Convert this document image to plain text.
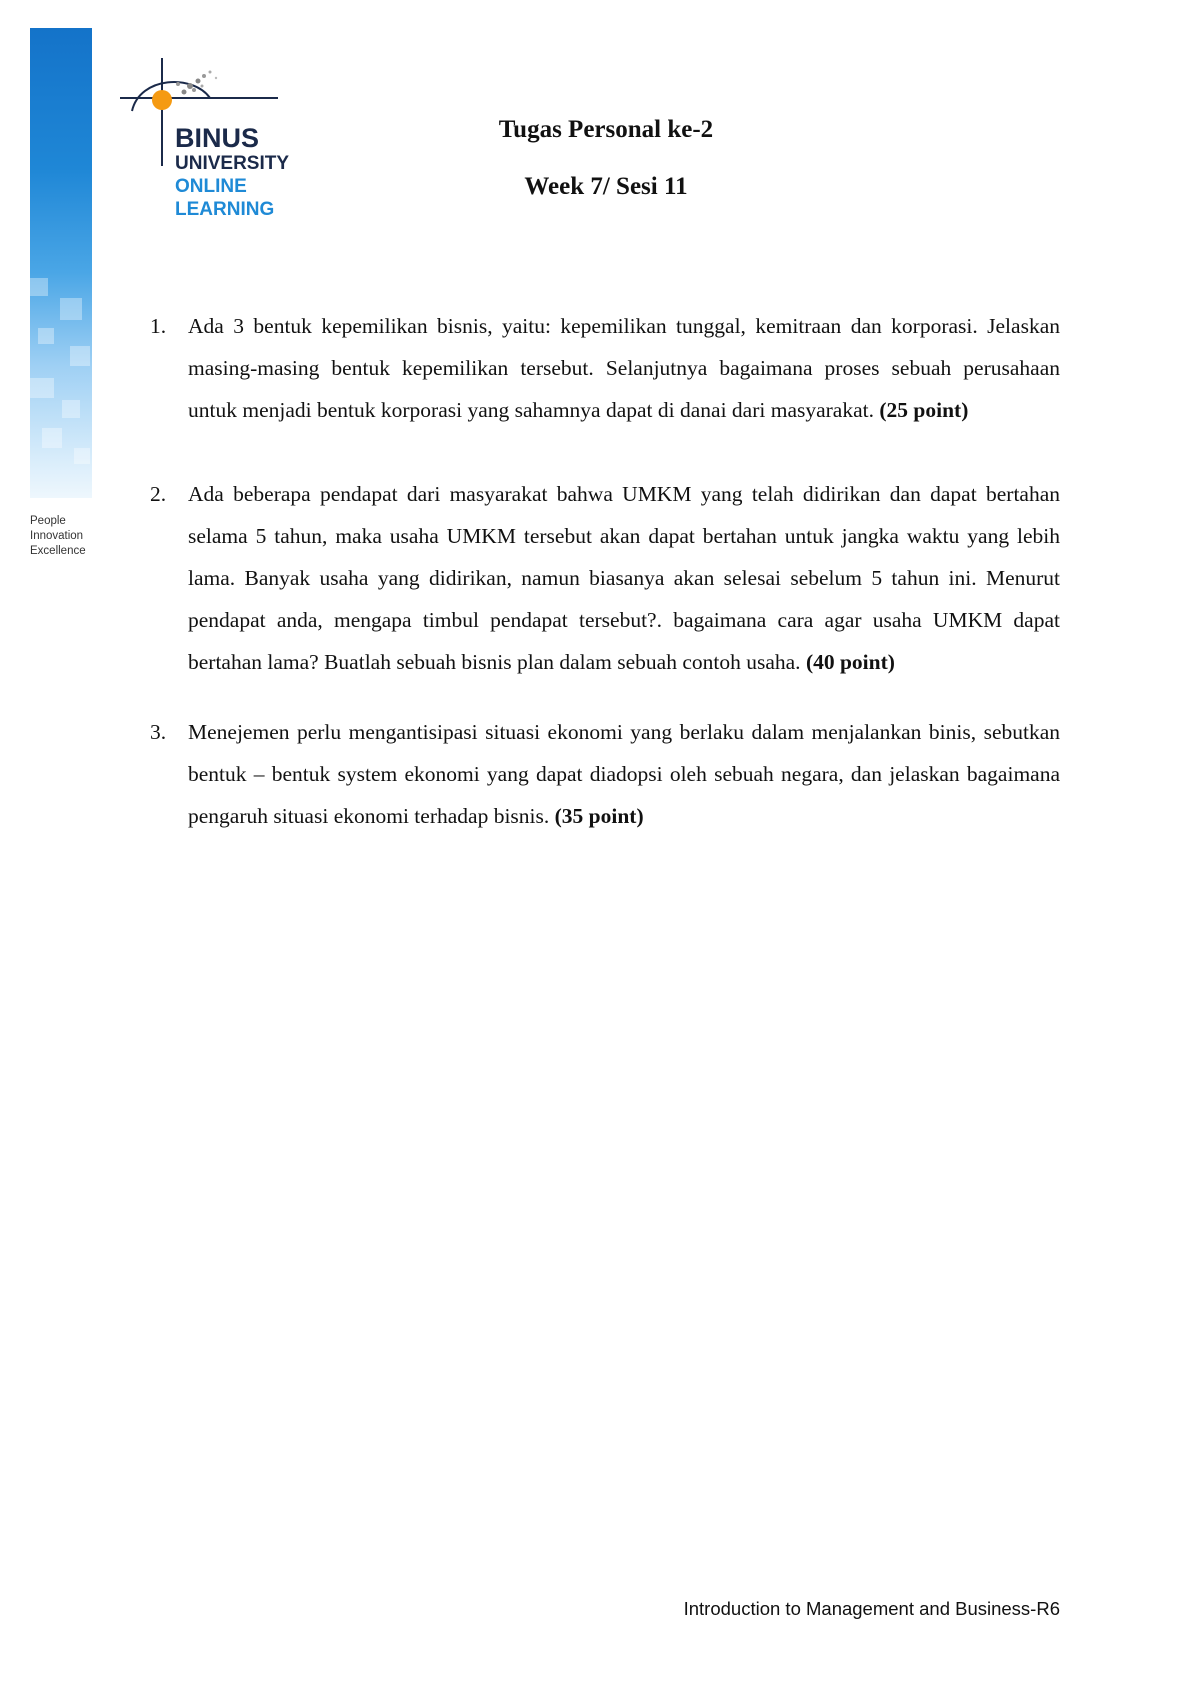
People
Innovation
Excellence
BINUS
UNIVERSITY
ONLINE
LEARNING
Tugas Personal ke-2
Week 7/ Sesi 11
1. Ada 3 bentuk kepemilikan bisnis, yaitu: kepemilikan tunggal, kemitraan dan korporasi. Jelaskan masing-masing bentuk kepemilikan tersebut. Selanjutnya bagaimana proses sebuah perusahaan untuk menjadi bentuk korporasi yang sahamnya dapat di danai dari masyarakat. (25 point)
2. Ada beberapa pendapat dari masyarakat bahwa UMKM yang telah didirikan dan dapat bertahan selama 5 tahun, maka usaha UMKM tersebut akan dapat bertahan untuk jangka waktu yang lebih lama. Banyak usaha yang didirikan, namun biasanya akan selesai sebelum 5 tahun ini. Menurut pendapat anda, mengapa timbul pendapat tersebut?. bagaimana cara agar usaha UMKM dapat bertahan lama? Buatlah sebuah bisnis plan dalam sebuah contoh usaha. (40 point)
3. Menejemen perlu mengantisipasi situasi ekonomi yang berlaku dalam menjalankan binis, sebutkan bentuk – bentuk system ekonomi yang dapat diadopsi oleh sebuah negara, dan jelaskan bagaimana pengaruh situasi ekonomi terhadap bisnis. (35 point)
Introduction to Management and Business-R6
